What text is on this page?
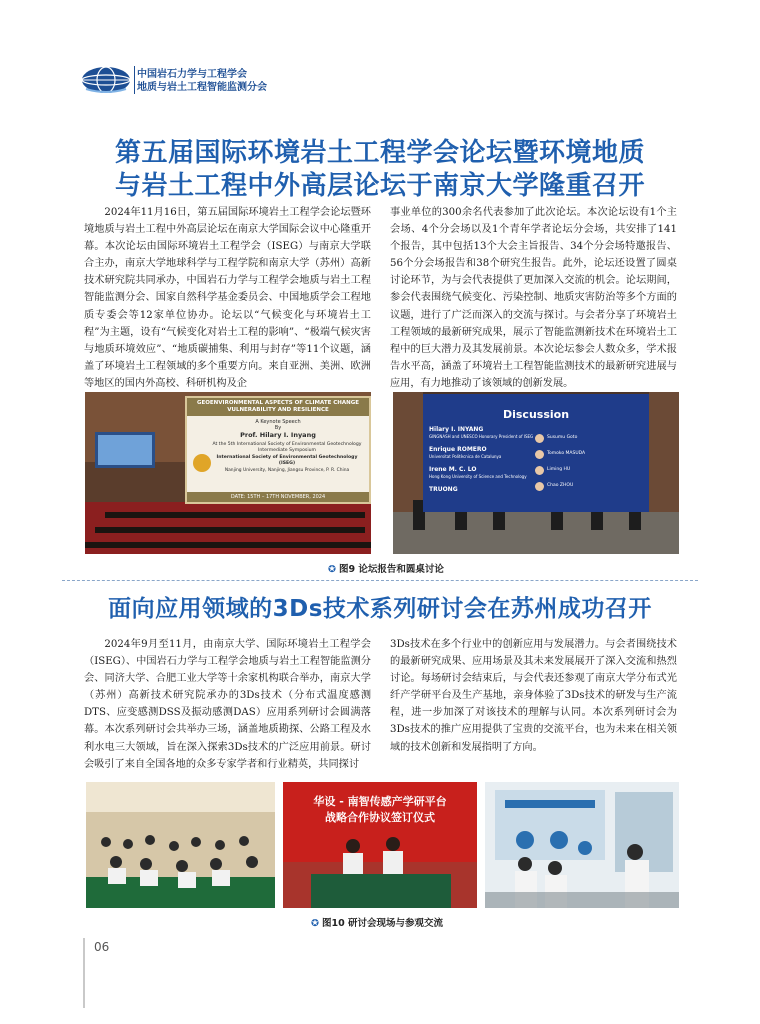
中国岩石力学与工程学会
地质与岩土工程智能监测分会
第五届国际环境岩土工程学会论坛暨环境地质
与岩土工程中外高层论坛于南京大学隆重召开

2024年11月16日，第五届国际环境岩土工程学会论坛暨环境地质与岩土工程中外高层论坛在南京大学国际会议中心隆重开幕。本次论坛由国际环境岩土工程学会（ISEG）与南京大学联合主办，南京大学地球科学与工程学院和南京大学（苏州）高新技术研究院共同承办，中国岩石力学与工程学会地质与岩土工程智能监测分会、国家自然科学基金委员会、中国地质学会工程地质专委会等12家单位协办。论坛以“气候变化与环境岩土工程”为主题，设有“气候变化对岩土工程的影响”、“极端气候灾害与地质环境效应”、“地质碳捕集、利用与封存”等11个议题，涵盖了环境岩土工程领域的多个重要方向。来自亚洲、美洲、欧洲等地区的国内外高校、科研机构及企

事业单位的300余名代表参加了此次论坛。本次论坛设有1个主会场、4个分会场以及1个青年学者论坛分会场，共安排了141个报告，其中包括13个大会主旨报告、34个分会场特邀报告、56个分会场报告和38个研究生报告。此外，论坛还设置了圆桌讨论环节，为与会代表提供了更加深入交流的机会。论坛期间，参会代表围绕气候变化、污染控制、地质灾害防治等多个方面的议题，进行了广泛而深入的交流与探讨。与会者分享了环境岩土工程领域的最新研究成果，展示了智能监测新技术在环境岩土工程中的巨大潜力及其发展前景。本次论坛参会人数众多，学术报告水平高，涵盖了环境岩土工程智能监测技术的最新研究进展与应用，有力地推动了该领域的创新发展。

GEOENVIRONMENTAL ASPECTS OF CLIMATE CHANGE VULNERABILITY AND RESILIENCE
A Keynote Speech
By
Prof. Hilary I. Inyang
At the 5th International Society of Environmental Geotechnology Intermediate Symposium
International Society of Environmental Geotechnology (ISEG)
Nanjing University, Nanjing, Jiangsu Province, P. R. China
DATE: 15TH – 17TH NOVEMBER, 2024
Discussion
Hilary I. INYANG
GINGNASH and UNESCO Honorary President of ISEG
Enrique ROMERO
Universitat Politècnica de Catalunya
Irene M. C. LO
Hong Kong University of Science and Technology
TRUONG
Susumu Goto
Tomoko MASUDA
Liming HU
Chao ZHOU
✪ 图9 论坛报告和圆桌讨论
面向应用领域的3Ds技术系列研讨会在苏州成功召开

2024年9月至11月，由南京大学、国际环境岩土工程学会（ISEG）、中国岩石力学与工程学会地质与岩土工程智能监测分会、同济大学、合肥工业大学等十余家机构联合举办，南京大学（苏州）高新技术研究院承办的3Ds技术（分布式温度感测DTS、应变感测DSS及振动感测DAS）应用系列研讨会圆满落幕。本次系列研讨会共举办三场，涵盖地质勘探、公路工程及水利水电三大领域，旨在深入探索3Ds技术的广泛应用前景。研讨会吸引了来自全国各地的众多专家学者和行业精英，共同探讨

3Ds技术在多个行业中的创新应用与发展潜力。与会者围绕技术的最新研究成果、应用场景及其未来发展展开了深入交流和热烈讨论。每场研讨会结束后，与会代表还参观了南京大学分布式光纤产学研平台及生产基地，亲身体验了3Ds技术的研发与生产流程，进一步加深了对该技术的理解与认同。本次系列研讨会为3Ds技术的推广应用提供了宝贵的交流平台，也为未来在相关领域的技术创新和发展指明了方向。

华设 - 南智传感产学研平台
战略合作协议签订仪式
✪ 图10 研讨会现场与参观交流
06
